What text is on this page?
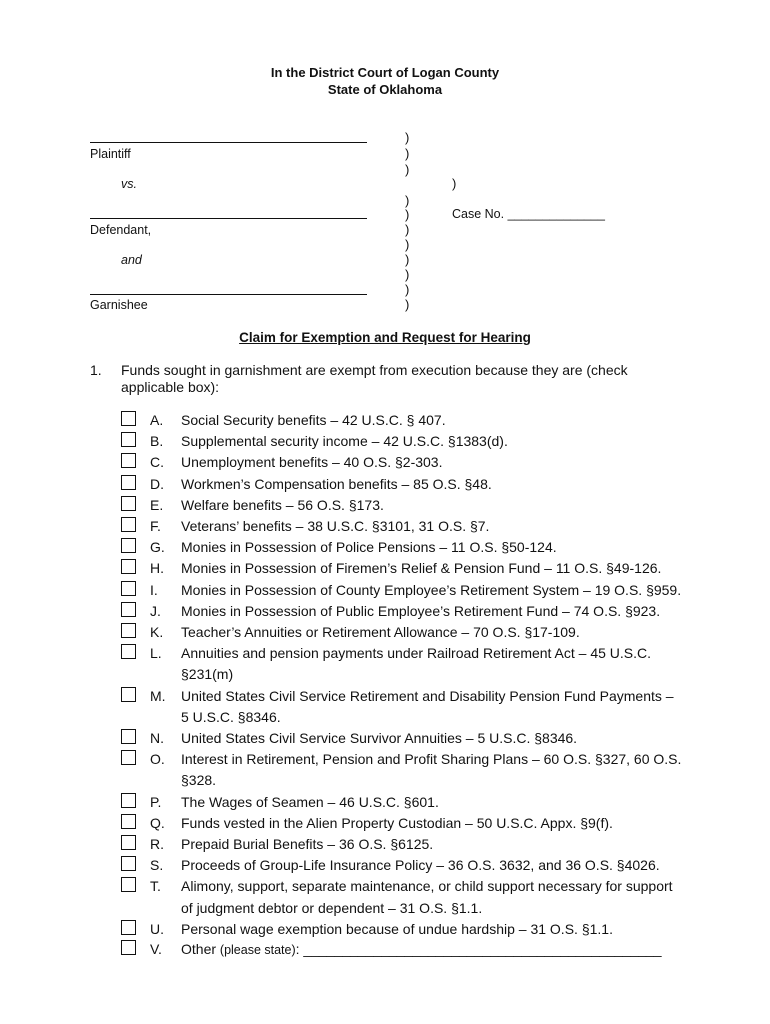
In the District Court of Logan County
State of Oklahoma
Plaintiff
vs.
Defendant,
and
Garnishee
)
)
)
)
)
)
)
)
)
)
)
)
Case No. ______________
Claim for Exemption and Request for Hearing
1. Funds sought in garnishment are exempt from execution because they are (check
applicable box):
A. Social Security benefits – 42 U.S.C. § 407.
B. Supplemental security income – 42 U.S.C. §1383(d).
C. Unemployment benefits – 40 O.S. §2-303.
D. Workmen’s Compensation benefits – 85 O.S. §48.
E. Welfare benefits – 56 O.S. §173.
F. Veterans’ benefits – 38 U.S.C. §3101, 31 O.S. §7.
G. Monies in Possession of Police Pensions – 11 O.S. §50-124.
H. Monies in Possession of Firemen’s Relief & Pension Fund – 11 O.S. §49-126.
I. Monies in Possession of County Employee’s Retirement System – 19 O.S. §959.
J. Monies in Possession of Public Employee’s Retirement Fund – 74 O.S. §923.
K. Teacher’s Annuities or Retirement Allowance – 70 O.S. §17-109.
L. Annuities and pension payments under Railroad Retirement Act – 45 U.S.C.
§231(m)
M. United States Civil Service Retirement and Disability Pension Fund Payments –
5 U.S.C. §8346.
N. United States Civil Service Survivor Annuities – 5 U.S.C. §8346.
O. Interest in Retirement, Pension and Profit Sharing Plans – 60 O.S. §327, 60 O.S.
§328.
P. The Wages of Seamen – 46 U.S.C. §601.
Q. Funds vested in the Alien Property Custodian – 50 U.S.C. Appx. §9(f).
R. Prepaid Burial Benefits – 36 O.S. §6125.
S. Proceeds of Group-Life Insurance Policy – 36 O.S. 3632, and 36 O.S. §4026.
T. Alimony, support, separate maintenance, or child support necessary for support
of judgment debtor or dependent – 31 O.S. §1.1.
U. Personal wage exemption because of undue hardship – 31 O.S. §1.1.
V. Other (please state): ______________________________________________
